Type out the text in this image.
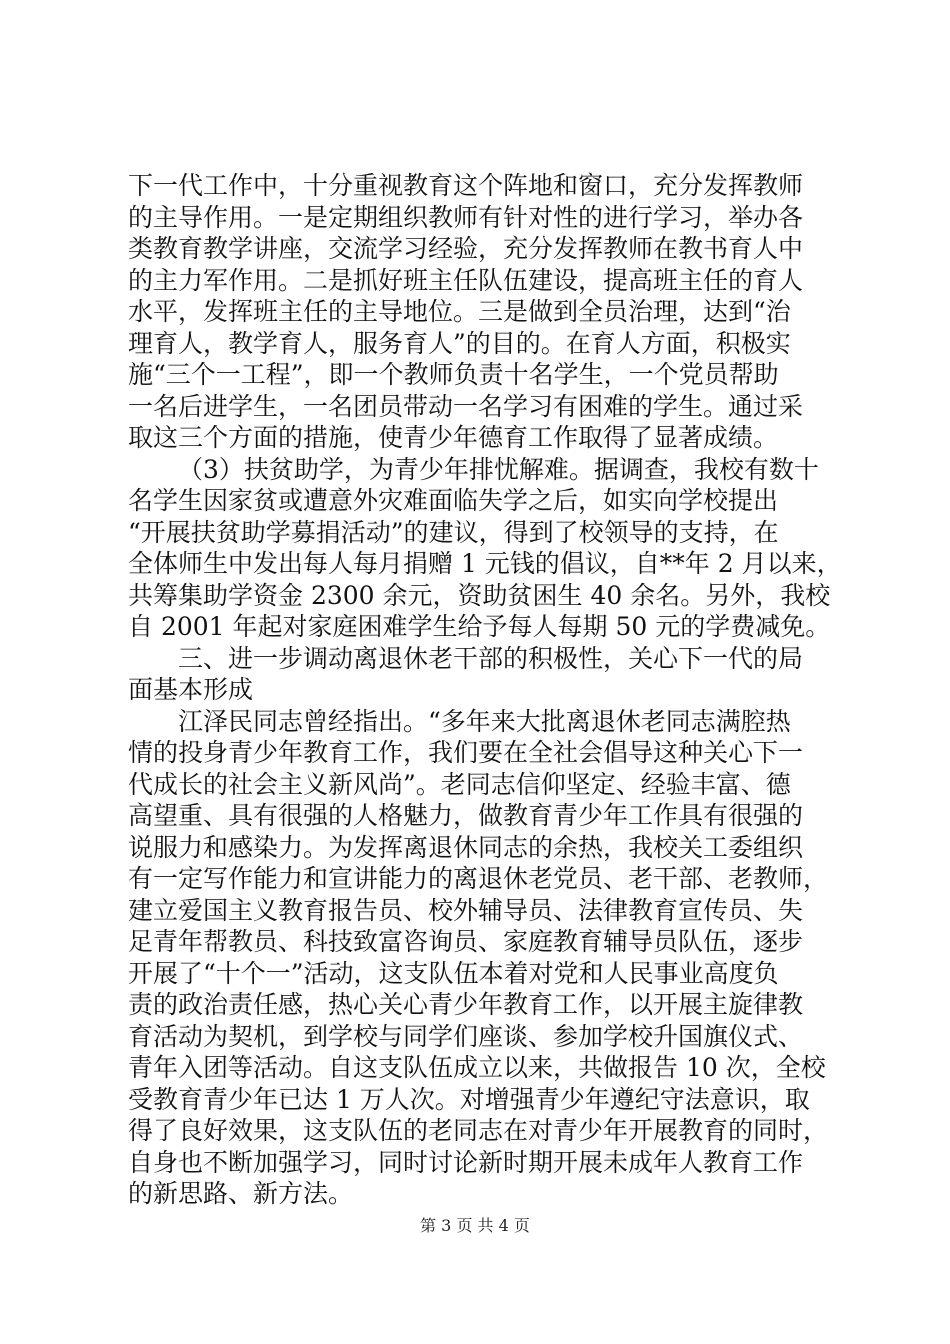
下一代工作中，十分重视教育这个阵地和窗口，充分发挥教师
的主导作用。一是定期组织教师有针对性的进行学习，举办各
类教育教学讲座，交流学习经验，充分发挥教师在教书育人中
的主力军作用。二是抓好班主任队伍建设，提高班主任的育人
水平，发挥班主任的主导地位。三是做到全员治理，达到“治
理育人，教学育人，服务育人”的目的。在育人方面，积极实
施“三个一工程”，即一个教师负责十名学生，一个党员帮助
一名后进学生，一名团员带动一名学习有困难的学生。通过采
取这三个方面的措施，使青少年德育工作取得了显著成绩。
（3）扶贫助学，为青少年排忧解难。据调查，我校有数十
名学生因家贫或遭意外灾难面临失学之后，如实向学校提出
“开展扶贫助学募捐活动”的建议，得到了校领导的支持，在
全体师生中发出每人每月捐赠 1 元钱的倡议，自**年 2 月以来，
共筹集助学资金 2300 余元，资助贫困生 40 余名。另外，我校
自 2001 年起对家庭困难学生给予每人每期 50 元的学费减免。
三、进一步调动离退休老干部的积极性，关心下一代的局
面基本形成
江泽民同志曾经指出。“多年来大批离退休老同志满腔热
情的投身青少年教育工作，我们要在全社会倡导这种关心下一
代成长的社会主义新风尚”。老同志信仰坚定、经验丰富、德
高望重、具有很强的人格魅力，做教育青少年工作具有很强的
说服力和感染力。为发挥离退休同志的余热，我校关工委组织
有一定写作能力和宣讲能力的离退休老党员、老干部、老教师，
建立爱国主义教育报告员、校外辅导员、法律教育宣传员、失
足青年帮教员、科技致富咨询员、家庭教育辅导员队伍，逐步
开展了“十个一”活动，这支队伍本着对党和人民事业高度负
责的政治责任感，热心关心青少年教育工作，以开展主旋律教
育活动为契机，到学校与同学们座谈、参加学校升国旗仪式、
青年入团等活动。自这支队伍成立以来，共做报告 10 次，全校
受教育青少年已达 1 万人次。对增强青少年遵纪守法意识，取
得了良好效果，这支队伍的老同志在对青少年开展教育的同时，
自身也不断加强学习，同时讨论新时期开展未成年人教育工作
的新思路、新方法。
第 3 页 共 4 页
